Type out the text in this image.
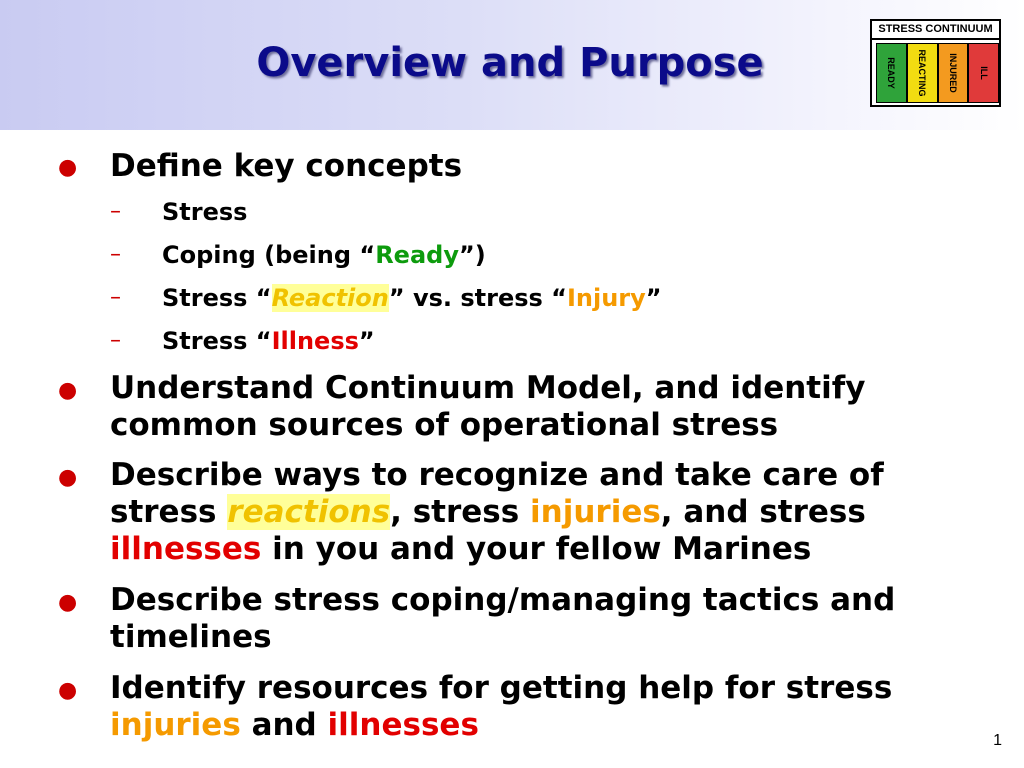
Overview and Purpose
STRESS CONTINUUM
READY REACTING INJURED ILL
● Define key concepts
– Stress
– Coping (being “Ready”)
– Stress “Reaction” vs. stress “Injury”
– Stress “Illness”
● Understand Continuum Model, and identify common sources of operational stress
● Describe ways to recognize and take care of stress reactions, stress injuries, and stress illnesses in you and your fellow Marines
● Describe stress coping/managing tactics and timelines
● Identify resources for getting help for stress injuries and illnesses	1
